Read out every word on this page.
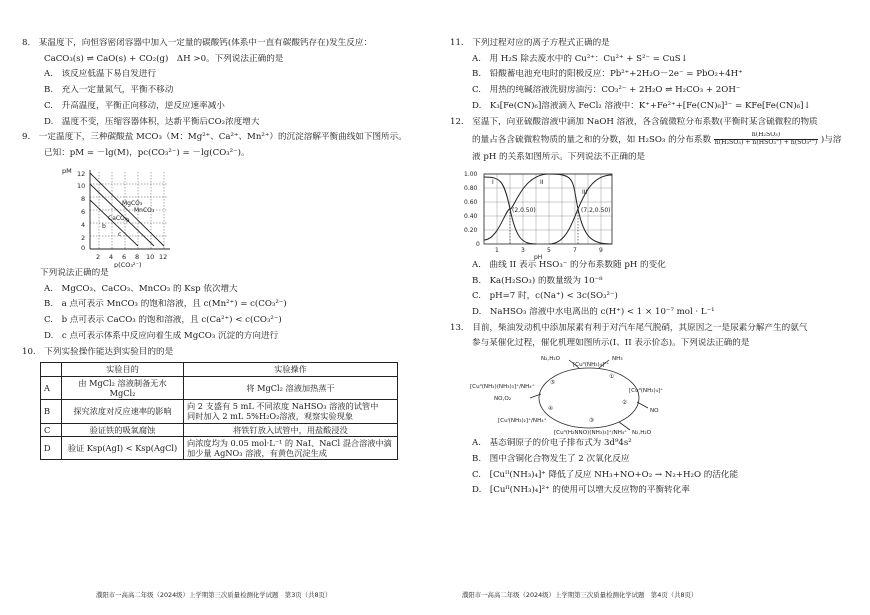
8.　某温度下，向恒容密闭容器中加入一定量的碳酸钙(体系中一直有碳酸钙存在)发生反应：
CaCO₃(s) ⇌ CaO(s) + CO₂(g)　ΔH >0。下列说法正确的是
A.　该反应低温下易自发进行
B.　充入一定量氮气，平衡不移动
C.　升高温度，平衡正向移动，逆反应速率减小
D.　温度不变，压缩容器体积，达新平衡后CO₂浓度增大
9.　一定温度下，三种碳酸盐 MCO₃（M：Mg²⁺、Ca²⁺、Mn²⁺）的沉淀溶解平衡曲线如下图所示。
已知：pM = －lg(M)，pc(CO₃²⁻) = －lg(CO₃²⁻)。
pM 12
10
8
6
4
2
0
2 4 6 8 10 12
p(CO₃²⁻)
MgCO₃
CaCO₃
MnCO₃
a
b
c
下列说法正确的是
A.　MgCO₃、CaCO₃、MnCO₃ 的 Ksp 依次增大
B.　a 点可表示 MnCO₃ 的饱和溶液，且 c(Mn²⁺) = c(CO₃²⁻)
C.　b 点可表示 CaCO₃ 的饱和溶液，且 c(Ca²⁺) < c(CO₃²⁻)
D.　c 点可表示体系中反应向着生成 MgCO₃ 沉淀的方向进行
10.　下列实验操作能达到实验目的的是
	实验目的	实验操作
A	由 MgCl₂ 溶液制备无水 MgCl₂	将 MgCl₂ 溶液加热蒸干
B	探究浓度对反应速率的影响	向 2 支盛有 5 mL 不同浓度 NaHSO₃ 溶液的试管中
同时加入 2 mL 5%H₂O₂溶液，观察实验现象

C	验证铁的吸氧腐蚀	将铁钉放入试管中，用盐酸浸没
D	验证 Ksp(AgI) < Ksp(AgCl)	向浓度均为 0.05 mol·L⁻¹ 的 NaI、NaCl 混合溶液中滴
加少量 AgNO₃ 溶液，有黄色沉淀生成
濮阳市一高高二年级（2024级）上学期第三次质量检测化学试题　第3页（共8页）
11.　下列过程对应的离子方程式正确的是
A.　用 H₂S 除去废水中的 Cu²⁺：Cu²⁺ + S²⁻ = CuS↓
B.　铅酸蓄电池充电时的阳极反应：Pb²⁺+2H₂O－2e⁻ = PbO₂+4H⁺
C.　用热的纯碱溶液洗厨房油污：CO₃²⁻ + 2H₂O ⇌ H₂CO₃ + 2OH⁻
D.　K₃[Fe(CN)₆]溶液滴入 FeCl₂ 溶液中：K⁺+Fe²⁺+[Fe(CN)₆]³⁻ = KFe[Fe(CN)₆]↓
12.　室温下，向亚硫酸溶液中滴加 NaOH 溶液，各含硫微粒分布系数(平衡时某含硫微粒的物质
的量占各含硫微粒物质的量之和的分数，如 H₂SO₃ 的分布系数 $\frac{\text{n(H₂SO₃)}}{\text{n(H₂SO₃) + n(HSO₃⁻) + n(SO₃²⁻)}}$ )与溶
液 pH 的关系如图所示。下列说法不正确的是
1.00
0.80
0.60
0.40
0.20
0
1	3	5	7	9
pH
I	II
III
(2,0.50)	(7.2,0.50)
A.　曲线 II 表示 HSO₃⁻ 的分布系数随 pH 的变化
B.　Ka(H₂SO₃) 的数量级为 10⁻⁸
C.　pH=7 时，c(Na⁺) < 3c(SO₃²⁻)
D.　NaHSO₃ 溶液中水电离出的 c(H⁺) < 1 × 10⁻⁷ mol · L⁻¹
13.　目前，柴油发动机中添加尿素有利于对汽车尾气脱硝，其原因之一是尿素分解产生的氨气
参与某催化过程，催化机理如图所示(I、II 表示价态)。下列说法正确的是
[Cuᴵᴵ(NH₃)₄]²⁺
N₂,H₂O	NH₃
[Cuᴵᴵ(NH₃)₄]⁺
NO
[Cuᴵᴵ(NH₂)(NH₃)₃]⁺/NH₄⁺
NO,O₂
[Cuᴵ(NH₃)₂]⁺/NH₄⁺
[Cuᴵᴵ(H₂NNO)(NH₃)₃]⁺/NH₄⁺ N₂,H₂O
①
②
③
④
⑤
A.　基态铜原子的价电子排布式为 3d⁹4s²
B.　图中含铜化合物发生了 2 次氧化反应
C.　[Cuᴵᴵ(NH₃)₄]⁺ 降低了反应 NH₃+NO+O₂ → N₂+H₂O 的活化能
D.　[Cuᴵᴵ(NH₃)₄]²⁺ 的使用可以增大反应物的平衡转化率
濮阳市一高高二年级（2024级）上学期第三次质量检测化学试题　第4页（共8页）
